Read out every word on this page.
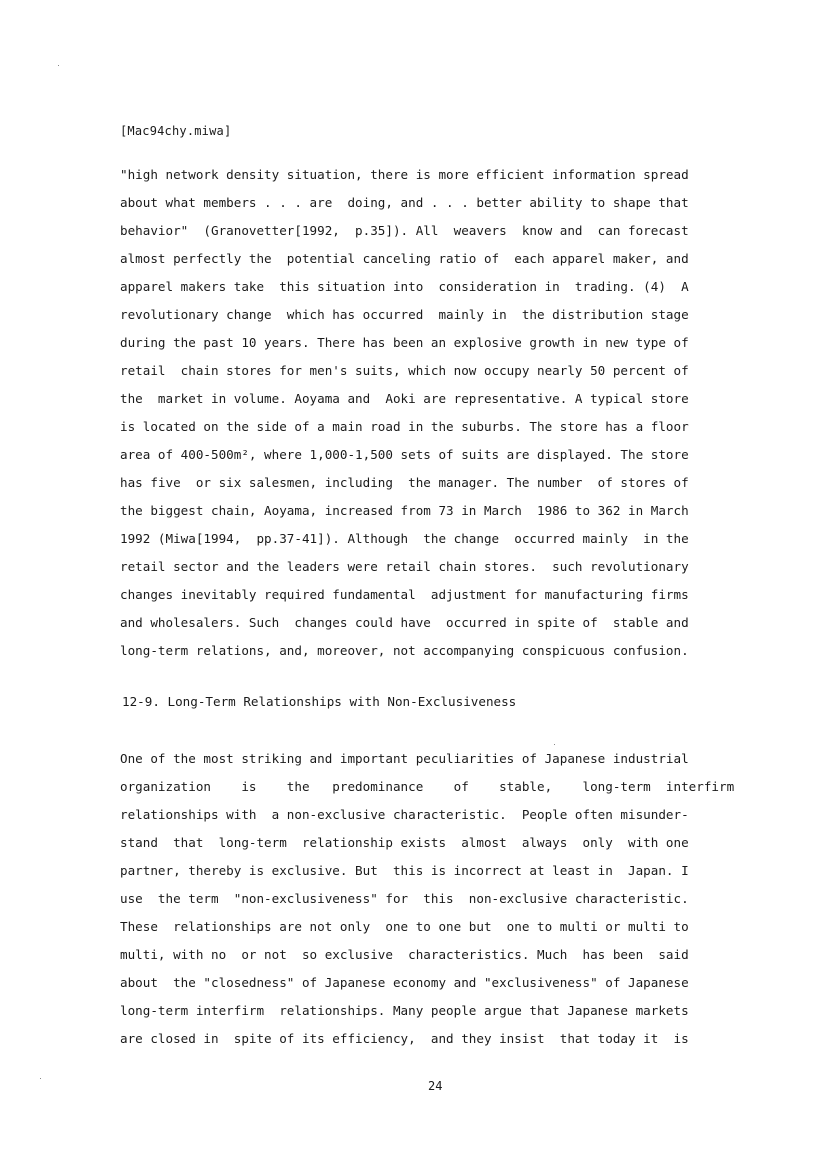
[Mac94chy.miwa]
"high network density situation, there is more efficient information spread
about what members . . . are  doing, and . . . better ability to shape that
behavior"  (Granovetter[1992,  p.35]). All  weavers  know and  can forecast
almost perfectly the  potential canceling ratio of  each apparel maker, and
apparel makers take  this situation into  consideration in  trading. (4)  A
revolutionary change  which has occurred  mainly in  the distribution stage
during the past 10 years. There has been an explosive growth in new type of
retail  chain stores for men's suits, which now occupy nearly 50 percent of
the  market in volume. Aoyama and  Aoki are representative. A typical store
is located on the side of a main road in the suburbs. The store has a floor
area of 400-500m², where 1,000-1,500 sets of suits are displayed. The store
has five  or six salesmen, including  the manager. The number  of stores of
the biggest chain, Aoyama, increased from 73 in March  1986 to 362 in March
1992 (Miwa[1994,  pp.37-41]). Although  the change  occurred mainly  in the
retail sector and the leaders were retail chain stores.  such revolutionary
changes inevitably required fundamental  adjustment for manufacturing firms
and wholesalers. Such  changes could have  occurred in spite of  stable and
long-term relations, and, moreover, not accompanying conspicuous confusion.
12-9. Long-Term Relationships with Non-Exclusiveness
One of the most striking and important peculiarities of Japanese industrial
organization    is    the   predominance    of    stable,    long-term  interfirm
relationships with  a non-exclusive characteristic.  People often misunder-
stand  that  long-term  relationship exists  almost  always  only  with one
partner, thereby is exclusive. But  this is incorrect at least in  Japan. I
use  the term  "non-exclusiveness" for  this  non-exclusive characteristic.
These  relationships are not only  one to one but  one to multi or multi to
multi, with no  or not  so exclusive  characteristics. Much  has been  said
about  the "closedness" of Japanese economy and "exclusiveness" of Japanese
long-term interfirm  relationships. Many people argue that Japanese markets
are closed in  spite of its efficiency,  and they insist  that today it  is
24
